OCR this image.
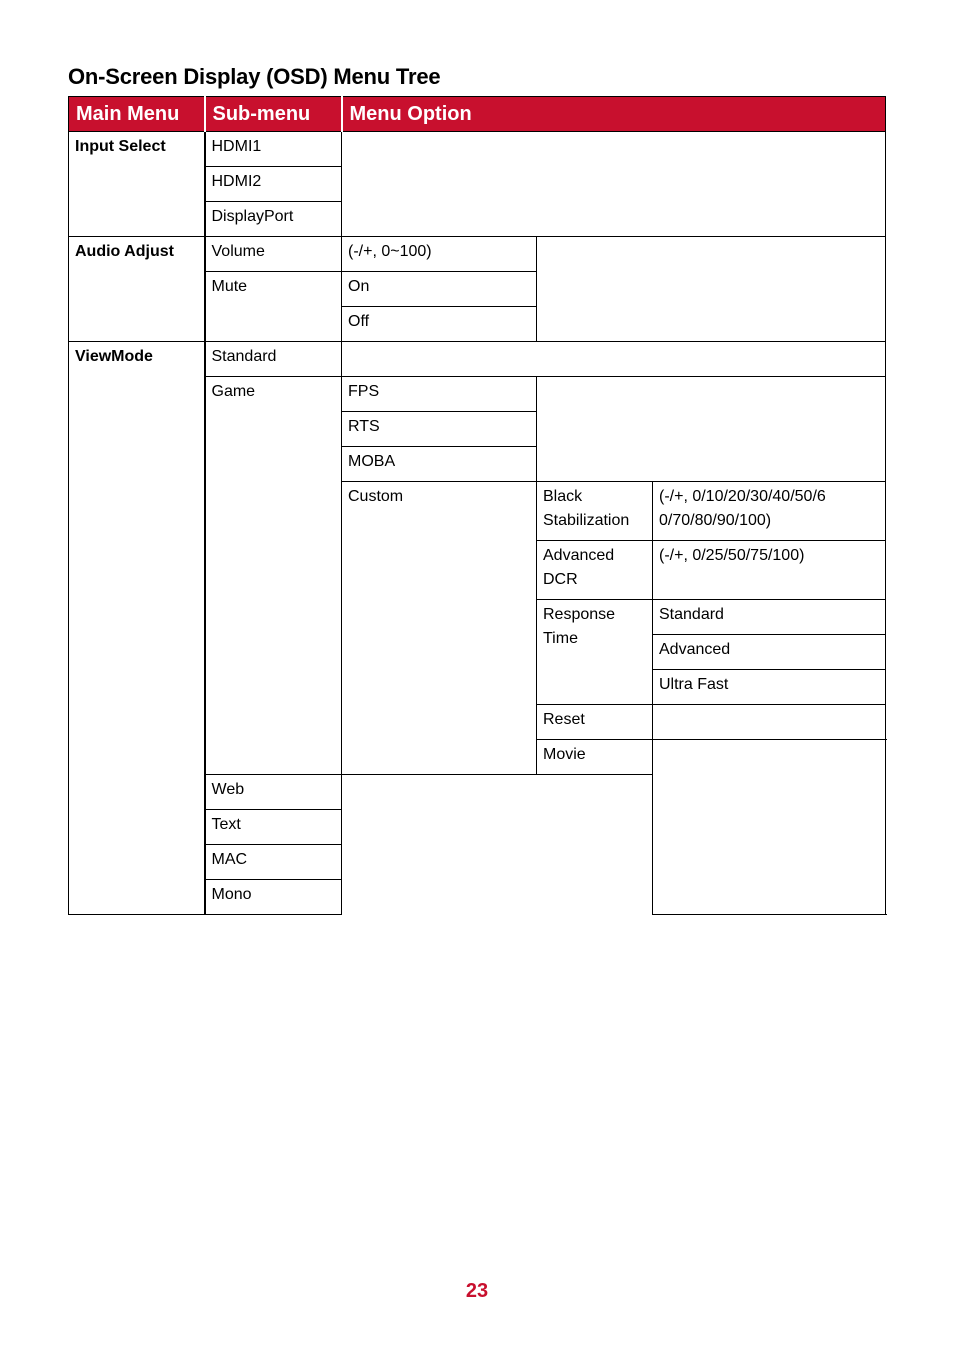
On-Screen Display (OSD) Menu Tree
Main Menu	Sub-menu	Menu Option		
Input Select	HDMI1			
	HDMI2			
	DisplayPort			
Audio Adjust	Volume	(-/+, 0~100)		
	Mute	On		
		Off		
ViewMode	Standard			
	Game	FPS		
		RTS		
		MOBA		
		Custom	Black Stabilization	(-/+, 0/10/20/30/40/50/6 0/70/80/90/100)
			Advanced DCR	(-/+, 0/25/50/75/100)
			Response Time	Standard
				Advanced
				Ultra Fast
			Reset	
			Movie	
	Web			
	Text			
	MAC			
	Mono			
23
